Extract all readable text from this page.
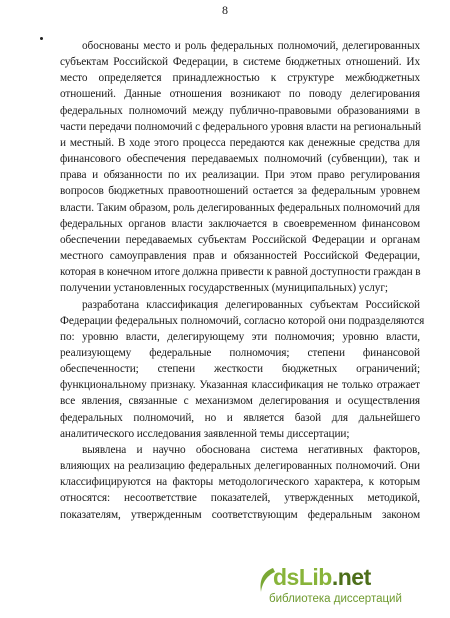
8
обоснованы место и роль федеральных полномочий, делегированных
субъектам Российской Федерации, в системе бюджетных отношений. Их
место определяется принадлежностью к структуре межбюджетных
отношений. Данные отношения возникают по поводу делегирования
федеральных полномочий между публично-правовыми образованиями в
части передачи полномочий с федерального уровня власти на региональный
и местный. В ходе этого процесса передаются как денежные средства для
финансового обеспечения передаваемых полномочий (субвенции), так и
права и обязанности по их реализации. При этом право регулирования
вопросов бюджетных правоотношений остается за федеральным уровнем
власти. Таким образом, роль делегированных федеральных полномочий для
федеральных органов власти заключается в своевременном финансовом
обеспечении передаваемых субъектам Российской Федерации и органам
местного самоуправления прав и обязанностей Российской Федерации,
которая в конечном итоге должна привести к равной доступности граждан в
получении установленных государственных (муниципальных) услуг;
разработана классификация делегированных субъектам Российской
Федерации федеральных полномочий, согласно которой они подразделяются
по: уровню власти, делегирующему эти полномочия; уровню власти,
реализующему федеральные полномочия; степени финансовой
обеспеченности; степени жесткости бюджетных ограничений;
функциональному признаку. Указанная классификация не только отражает
все явления, связанные с механизмом делегирования и осуществления
федеральных полномочий, но и является базой для дальнейшего
аналитического исследования заявленной темы диссертации;
выявлена и научно обоснована система негативных факторов,
влияющих на реализацию федеральных делегированных полномочий. Они
классифицируются на факторы методологического характера, к которым
относятся: несоответствие показателей, утвержденных методикой,
показателям, утвержденным соответствующим федеральным законом
dsLib.net
библиотека диссертаций
